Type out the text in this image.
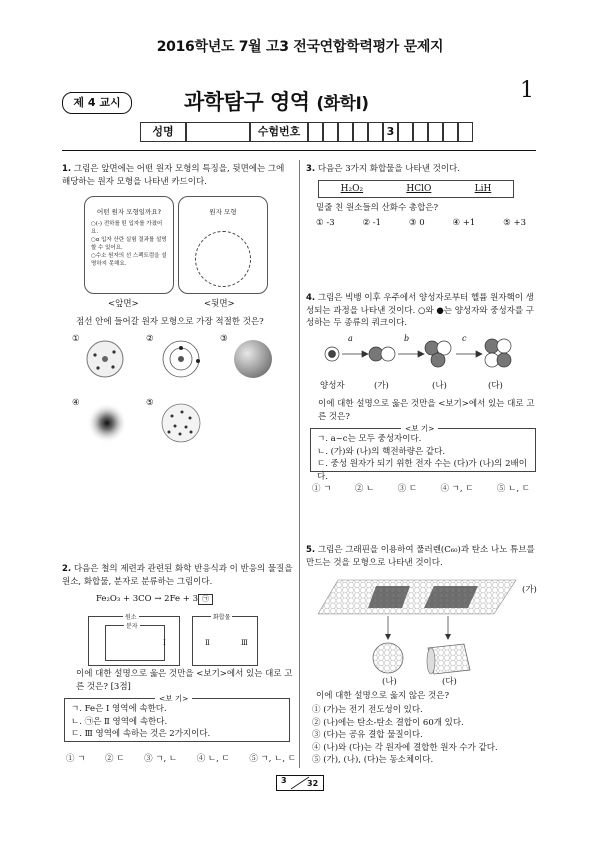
2016학년도 7월 고3 전국연합학력평가 문제지
1
제 4 교시	과학탐구 영역 (화학Ⅰ)
성명	수험번호	3
1. 그림은 앞면에는 어떤 원자 모형의 특징을, 뒷면에는 그에 해당하는 원자 모형을 나타낸 카드이다.
어떤 원자 모형일까요?
○(-) 전하를 띤 입자를 가졌어요.
○α 입자 산란 실험 결과를 설명할 수 있어요.
○수소 원자의 선 스펙트럼을 설명하지 못해요.
원자 모형
<앞면>	<뒷면>
점선 안에 들어갈 원자 모형으로 가장 적절한 것은?
①	②	③
④	⑤
2. 다음은 철의 제련과 관련된 화학 반응식과 이 반응의 물질을 원소, 화합물, 분자로 분류하는 그림이다.
Fe₂O₃ + 3CO → 2Fe + 3 ㉠
원소
분자
Ⅰ
화합물
Ⅱ	Ⅲ
이에 대한 설명으로 옳은 것만을 <보기>에서 있는 대로 고른 것은? [3점]
<보 기>
ㄱ. Fe은 Ⅰ 영역에 속한다.
ㄴ. ㉠은 Ⅱ 영역에 속한다.
ㄷ. Ⅲ 영역에 속하는 것은 2가지이다.
① ㄱ ② ㄷ ③ ㄱ, ㄴ ④ ㄴ, ㄷ ⑤ ㄱ, ㄴ, ㄷ
3. 다음은 3가지 화합물을 나타낸 것이다.
H₂O₂	HClO	LiH
밑줄 친 원소들의 산화수 총합은?
① -3	② -1	③ 0	④ +1	⑤ +3
4. 그림은 빅뱅 이후 우주에서 양성자로부터 헬륨 원자핵이 생성되는 과정을 나타낸 것이다. ○와 ●는 양성자와 중성자를 구성하는 두 종류의 쿼크이다.
a	b	c
양성자	(가)	(나)	(다)
이에 대한 설명으로 옳은 것만을 <보기>에서 있는 대로 고른 것은?
<보 기>
ㄱ. a~c는 모두 중성자이다.
ㄴ. (가)와 (나)의 핵전하량은 같다.
ㄷ. 중성 원자가 되기 위한 전자 수는 (다)가 (나)의 2배이다.
① ㄱ	② ㄴ	③ ㄷ	④ ㄱ, ㄷ	⑤ ㄴ, ㄷ
5. 그림은 그래핀을 이용하여 풀러렌(C₆₀)과 탄소 나노 튜브를 만드는 것을 모형으로 나타낸 것이다.
(가)
(나)	(다)
이에 대한 설명으로 옳지 않은 것은?
① (가)는 전기 전도성이 있다.
② (나)에는 탄소-탄소 결합이 60개 있다.
③ (다)는 공유 결합 물질이다.
④ (나)와 (다)는 각 원자에 결합한 원자 수가 같다.
⑤ (가), (나), (다)는 동소체이다.
3	32
